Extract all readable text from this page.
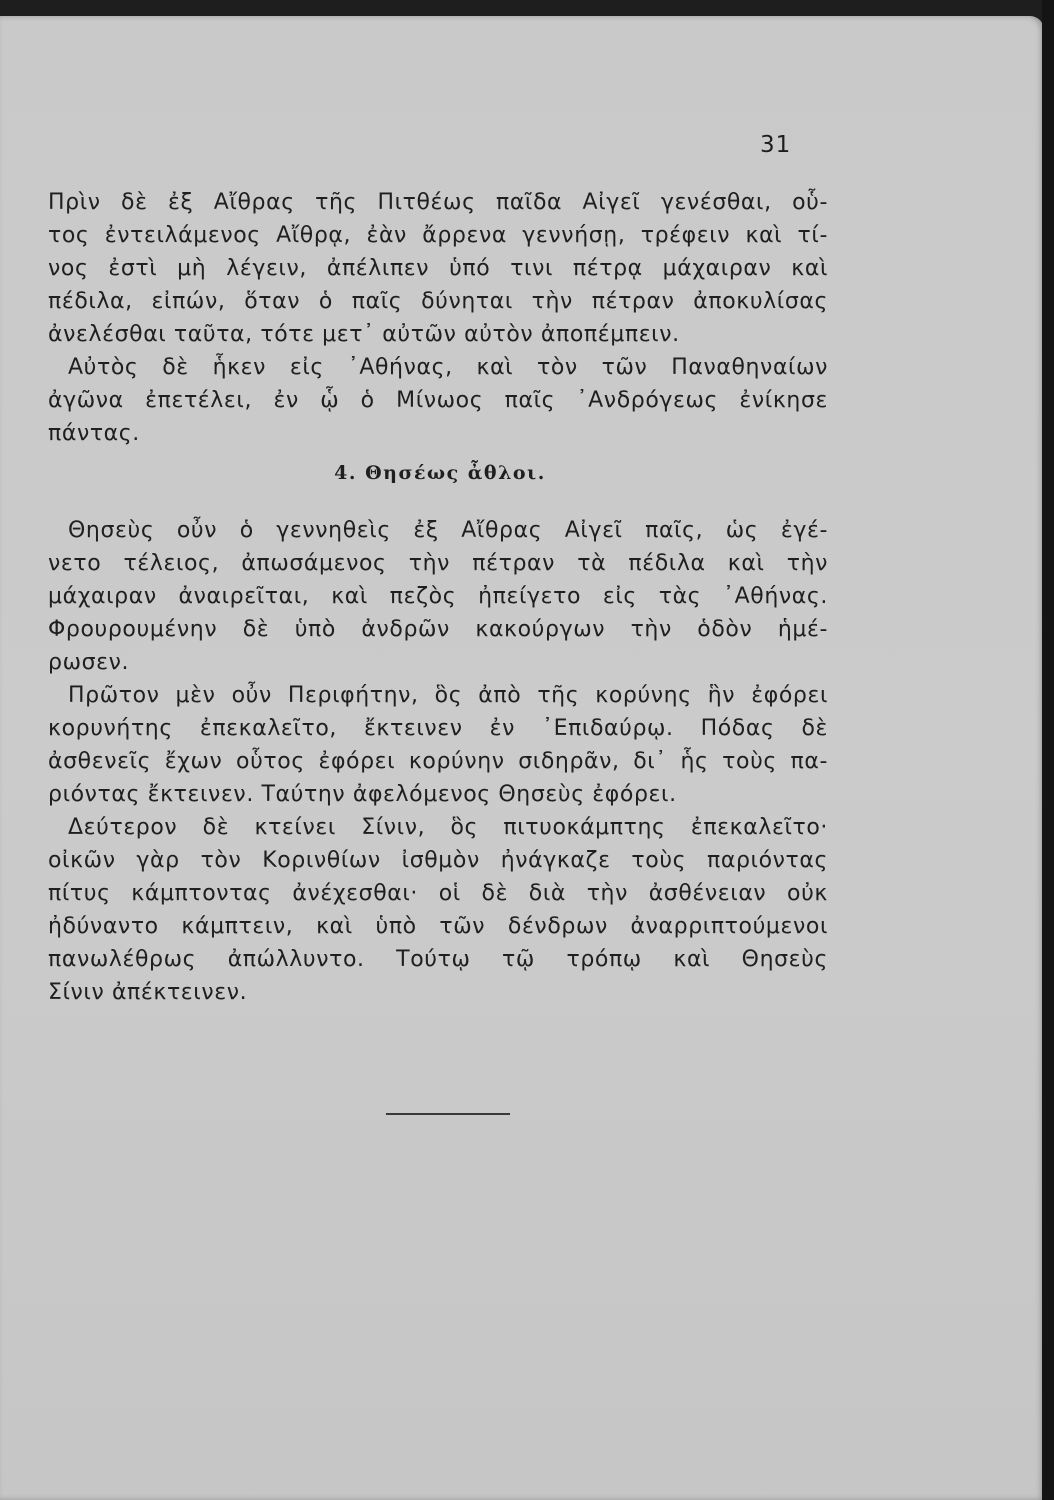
31
Πρὶν δὲ ἐξ Αἴθρας τῆς Πιτθέως παῖδα Αἰγεῖ γενέσθαι, οὗ-
τος ἐντειλάμενος Αἴθρᾳ, ἐὰν ἄρρενα γεννήσῃ, τρέφειν καὶ τί-
νος ἐστὶ μὴ λέγειν, ἀπέλιπεν ὑπό τινι πέτρᾳ μάχαιραν καὶ
πέδιλα, εἰπών, ὅταν ὁ παῖς δύνηται τὴν πέτραν ἀποκυλίσας
ἀνελέσθαι ταῦτα, τότε μετ᾽ αὐτῶν αὐτὸν ἀποπέμπειν.
Αὐτὸς δὲ ἧκεν εἰς ᾽Αθήνας, καὶ τὸν τῶν Παναθηναίων
ἀγῶνα ἐπετέλει, ἐν ᾧ ὁ Μίνωος παῖς ᾽Ανδρόγεως ἐνίκησε
πάντας.
4. Θησέως ἆθλοι.
Θησεὺς οὖν ὁ γεννηθεὶς ἐξ Αἴθρας Αἰγεῖ παῖς, ὡς ἐγέ-
νετο τέλειος, ἀπωσάμενος τὴν πέτραν τὰ πέδιλα καὶ τὴν
μάχαιραν ἀναιρεῖται, καὶ πεζὸς ἠπείγετο εἰς τὰς ᾽Αθήνας.
Φρουρουμένην δὲ ὑπὸ ἀνδρῶν κακούργων τὴν ὁδὸν ἡμέ-
ρωσεν.
Πρῶτον μὲν οὖν Περιφήτην, ὃς ἀπὸ τῆς κορύνης ἣν ἐφόρει
κορυνήτης ἐπεκαλεῖτο, ἔκτεινεν ἐν ᾽Επιδαύρῳ. Πόδας δὲ
ἀσθενεῖς ἔχων οὗτος ἐφόρει κορύνην σιδηρᾶν, δι᾽ ἧς τοὺς πα-
ριόντας ἔκτεινεν. Ταύτην ἀφελόμενος Θησεὺς ἐφόρει.
Δεύτερον δὲ κτείνει Σίνιν, ὃς πιτυοκάμπτης ἐπεκαλεῖτο·
οἰκῶν γὰρ τὸν Κορινθίων ἰσθμὸν ἠνάγκαζε τοὺς παριόντας
πίτυς κάμπτοντας ἀνέχεσθαι· οἱ δὲ διὰ τὴν ἀσθένειαν οὐκ
ἠδύναντο κάμπτειν, καὶ ὑπὸ τῶν δένδρων ἀναρριπτούμενοι
πανωλέθρως ἀπώλλυντο. Τούτῳ τῷ τρόπῳ καὶ Θησεὺς
Σίνιν ἀπέκτεινεν.
